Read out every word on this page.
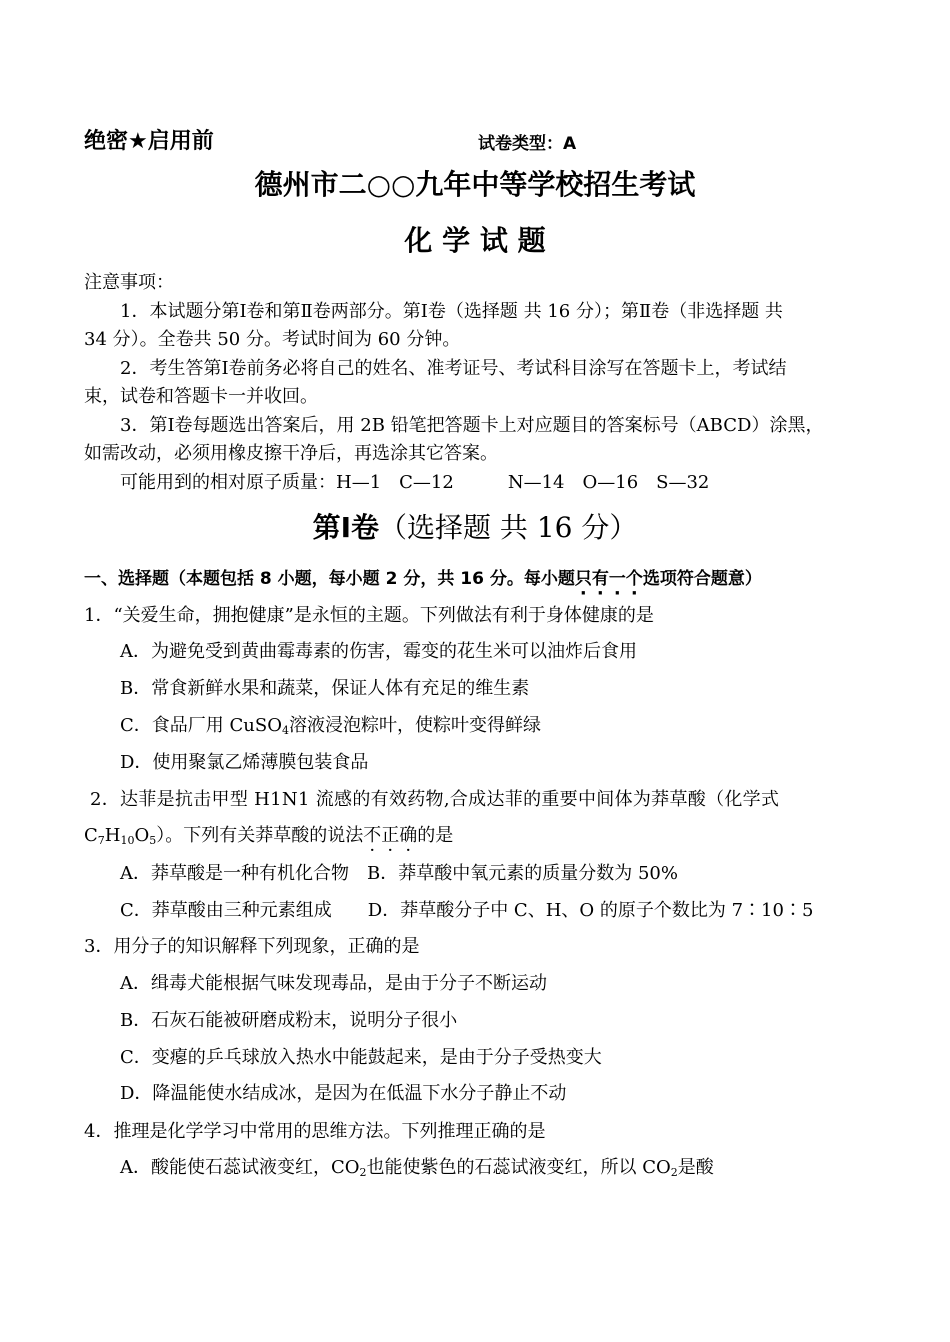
绝密★启用前	试卷类型：A
德州市二○○九年中等学校招生考试
化 学 试 题
注意事项：
1．本试题分第Ⅰ卷和第Ⅱ卷两部分。第Ⅰ卷（选择题 共 16 分）；第Ⅱ卷（非选择题 共
34 分）。全卷共 50 分。考试时间为 60 分钟。
2．考生答第Ⅰ卷前务必将自己的姓名、准考证号、考试科目涂写在答题卡上，考试结
束，试卷和答题卡一并收回。
3．第Ⅰ卷每题选出答案后，用 2B 铅笔把答题卡上对应题目的答案标号（ABCD）涂黑，
如需改动，必须用橡皮擦干净后，再选涂其它答案。
可能用到的相对原子质量：H—1　C—12　　　N—14　O—16　S—32
第Ⅰ卷（选择题 共 16 分）
一、选择题（本题包括 8 小题，每小题 2 分，共 16 分。每小题只有一个选项符合题意）
1．“关爱生命，拥抱健康”是永恒的主题。下列做法有利于身体健康的是
A．为避免受到黄曲霉毒素的伤害，霉变的花生米可以油炸后食用
B．常食新鲜水果和蔬菜，保证人体有充足的维生素
C．食品厂用 CuSO$_4$溶液浸泡粽叶，使粽叶变得鲜绿
D．使用聚氯乙烯薄膜包装食品
2．达菲是抗击甲型 H1N1 流感的有效药物,合成达菲的重要中间体为莽草酸（化学式
$C_7H_{10}O_5$）。下列有关莽草酸的说法不正确的是
A．莽草酸是一种有机化合物　B．莽草酸中氧元素的质量分数为 50%
C．莽草酸由三种元素组成　　D．莽草酸分子中 C、H、O 的原子个数比为 7∶10∶5
3．用分子的知识解释下列现象，正确的是
A．缉毒犬能根据气味发现毒品，是由于分子不断运动
B．石灰石能被研磨成粉末，说明分子很小
C．变瘪的乒乓球放入热水中能鼓起来，是由于分子受热变大
D．降温能使水结成冰，是因为在低温下水分子静止不动
4．推理是化学学习中常用的思维方法。下列推理正确的是
A．酸能使石蕊试液变红，$CO_2$也能使紫色的石蕊试液变红，所以 $CO_2$是酸
